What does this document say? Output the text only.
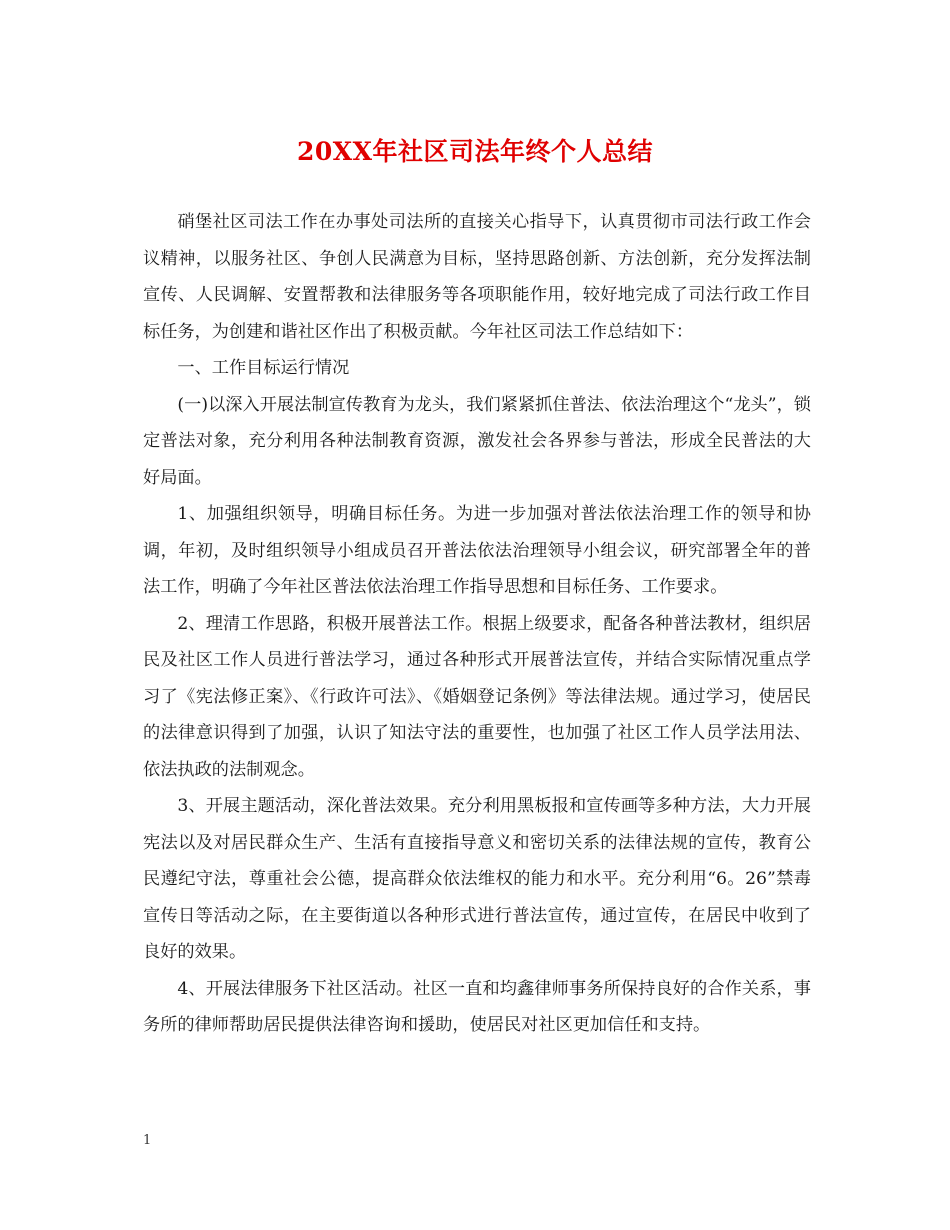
20XX年社区司法年终个人总结

硝堡社区司法工作在办事处司法所的直接关心指导下，认真贯彻市司法行政工作会议精神，以服务社区、争创人民满意为目标，坚持思路创新、方法创新，充分发挥法制宣传、人民调解、安置帮教和法律服务等各项职能作用，较好地完成了司法行政工作目标任务，为创建和谐社区作出了积极贡献。今年社区司法工作总结如下：

一、工作目标运行情况

(一)以深入开展法制宣传教育为龙头，我们紧紧抓住普法、依法治理这个“龙头”，锁定普法对象，充分利用各种法制教育资源，激发社会各界参与普法，形成全民普法的大好局面。

1、加强组织领导，明确目标任务。为进一步加强对普法依法治理工作的领导和协调，年初，及时组织领导小组成员召开普法依法治理领导小组会议，研究部署全年的普法工作，明确了今年社区普法依法治理工作指导思想和目标任务、工作要求。

2、理清工作思路，积极开展普法工作。根据上级要求，配备各种普法教材，组织居民及社区工作人员进行普法学习，通过各种形式开展普法宣传，并结合实际情况重点学习了《宪法修正案》、《行政许可法》、《婚姻登记条例》等法律法规。通过学习，使居民的法律意识得到了加强，认识了知法守法的重要性，也加强了社区工作人员学法用法、依法执政的法制观念。

3、开展主题活动，深化普法效果。充分利用黑板报和宣传画等多种方法，大力开展宪法以及对居民群众生产、生活有直接指导意义和密切关系的法律法规的宣传，教育公民遵纪守法，尊重社会公德，提高群众依法维权的能力和水平。充分利用“6。26”禁毒宣传日等活动之际，在主要街道以各种形式进行普法宣传，通过宣传，在居民中收到了良好的效果。

4、开展法律服务下社区活动。社区一直和均鑫律师事务所保持良好的合作关系，事务所的律师帮助居民提供法律咨询和援助，使居民对社区更加信任和支持。

1
